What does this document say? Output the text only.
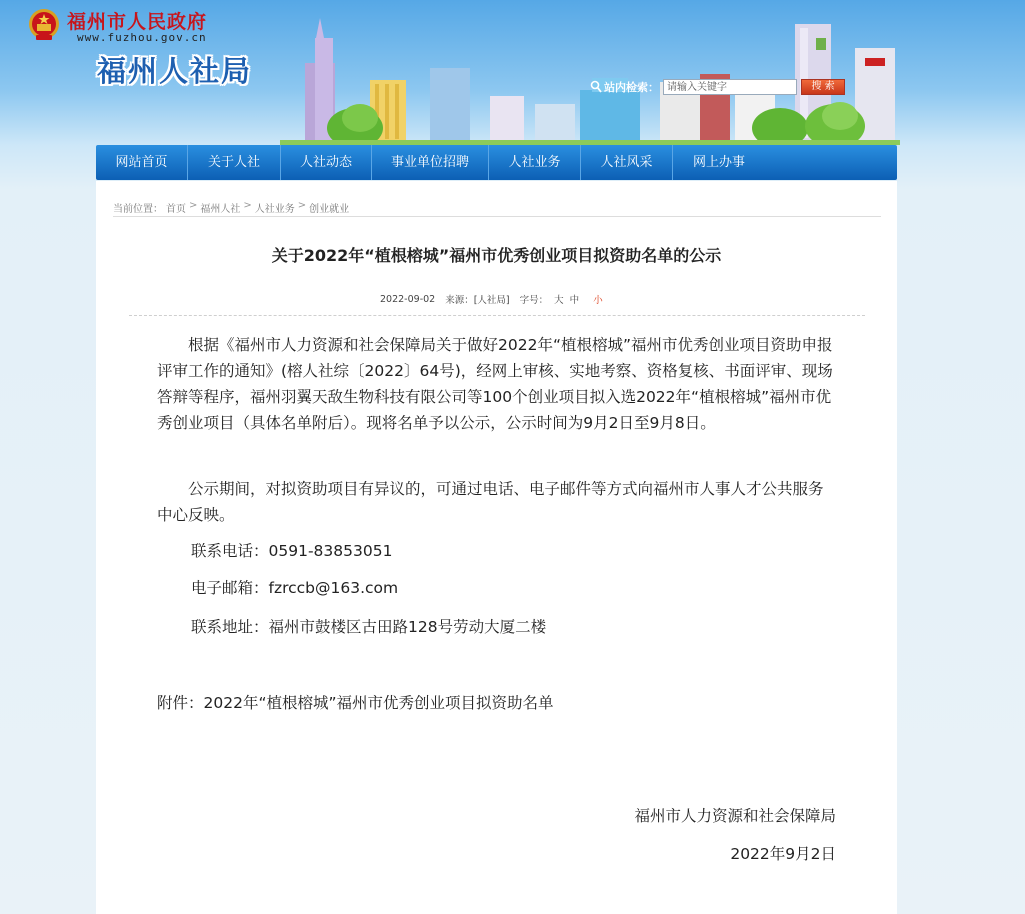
福州市人民政府
www.fuzhou.gov.cn
福州人社局	站内检索：
请输入关键字	搜 索
网站首页	关于人社	人社动态	事业单位招聘	人社业务	人社风采	网上办事
当前位置： 首页 > 福州人社 > 人社业务 > 创业就业
关于2022年“植根榕城”福州市优秀创业项目拟资助名单的公示
2022-09-02 来源：[人社局] 字号： 大 中 小
根据《福州市人力资源和社会保障局关于做好2022年“植根榕城”福州市优秀创业项目资助申报评审工作的通知》(榕人社综〔2022〕64号)，经网上审核、实地考察、资格复核、书面评审、现场答辩等程序，福州羽翼天敌生物科技有限公司等100个创业项目拟入选2022年“植根榕城”福州市优秀创业项目（具体名单附后）。现将名单予以公示，公示时间为9月2日至9月8日。
公示期间，对拟资助项目有异议的，可通过电话、电子邮件等方式向福州市人事人才公共服务中心反映。
联系电话：0591-83853051
电子邮箱：fzrccb@163.com
联系地址：福州市鼓楼区古田路128号劳动大厦二楼
附件：2022年“植根榕城”福州市优秀创业项目拟资助名单
福州市人力资源和社会保障局
2022年9月2日
